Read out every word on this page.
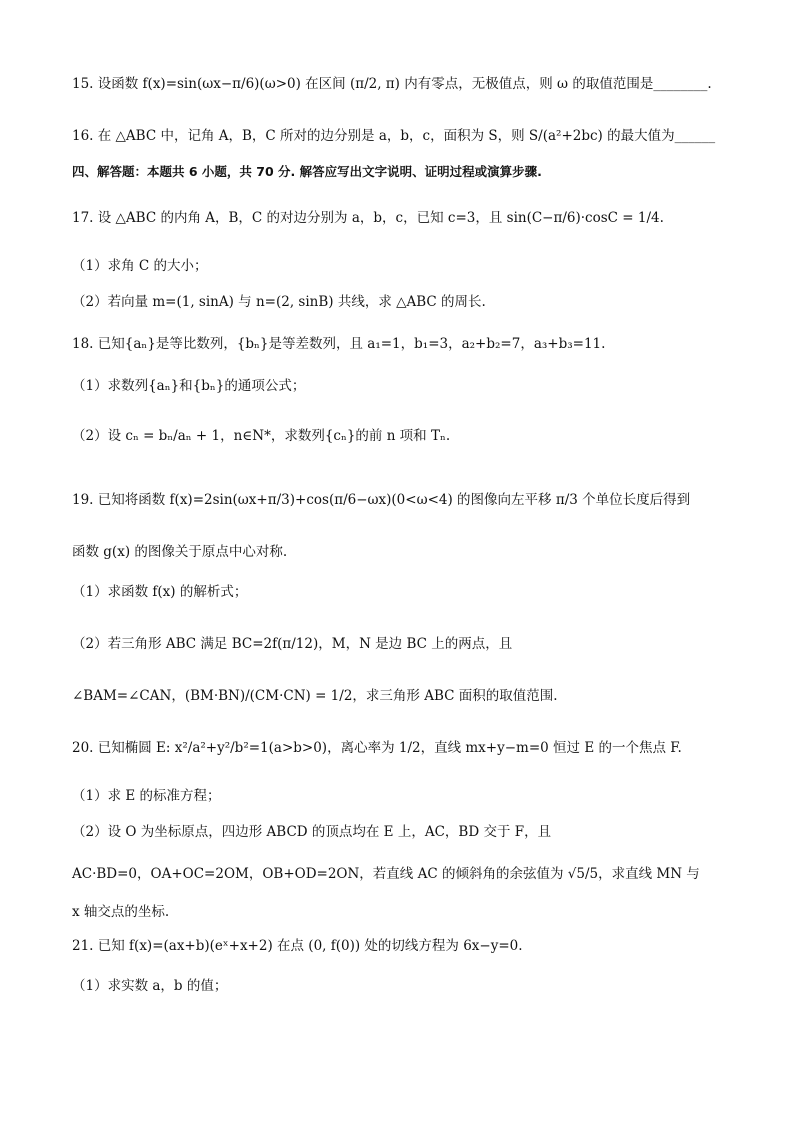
15. 设函数 f(x)=sin(ωx−π/6)(ω>0) 在区间 (π/2, π) 内有零点，无极值点，则 ω 的取值范围是________.
16. 在 △ABC 中，记角 A，B，C 所对的边分别是 a，b，c，面积为 S，则 S/(a²+2bc) 的最大值为______
四、解答题：本题共 6 小题，共 70 分. 解答应写出文字说明、证明过程或演算步骤.
17. 设 △ABC 的内角 A，B，C 的对边分别为 a，b，c，已知 c=3，且 sin(C−π/6)·cosC = 1/4.
（1）求角 C 的大小；
（2）若向量 m=(1, sinA) 与 n=(2, sinB) 共线，求 △ABC 的周长.
18. 已知{aₙ}是等比数列，{bₙ}是等差数列，且 a₁=1，b₁=3，a₂+b₂=7，a₃+b₃=11.
（1）求数列{aₙ}和{bₙ}的通项公式；
（2）设 cₙ = bₙ/aₙ + 1，n∈N*，求数列{cₙ}的前 n 项和 Tₙ.
19. 已知将函数 f(x)=2sin(ωx+π/3)+cos(π/6−ωx)(0<ω<4) 的图像向左平移 π/3 个单位长度后得到
函数 g(x) 的图像关于原点中心对称.
（1）求函数 f(x) 的解析式；
（2）若三角形 ABC 满足 BC=2f(π/12)，M，N 是边 BC 上的两点，且
∠BAM=∠CAN，(BM·BN)/(CM·CN) = 1/2，求三角形 ABC 面积的取值范围.
20. 已知椭圆 E: x²/a²+y²/b²=1(a>b>0)，离心率为 1/2，直线 mx+y−m=0 恒过 E 的一个焦点 F.
（1）求 E 的标准方程；
（2）设 O 为坐标原点，四边形 ABCD 的顶点均在 E 上，AC，BD 交于 F，且
AC·BD=0，OA+OC=2OM，OB+OD=2ON，若直线 AC 的倾斜角的余弦值为 √5/5，求直线 MN 与
x 轴交点的坐标.
21. 已知 f(x)=(ax+b)(eˣ+x+2) 在点 (0, f(0)) 处的切线方程为 6x−y=0.
（1）求实数 a，b 的值；
